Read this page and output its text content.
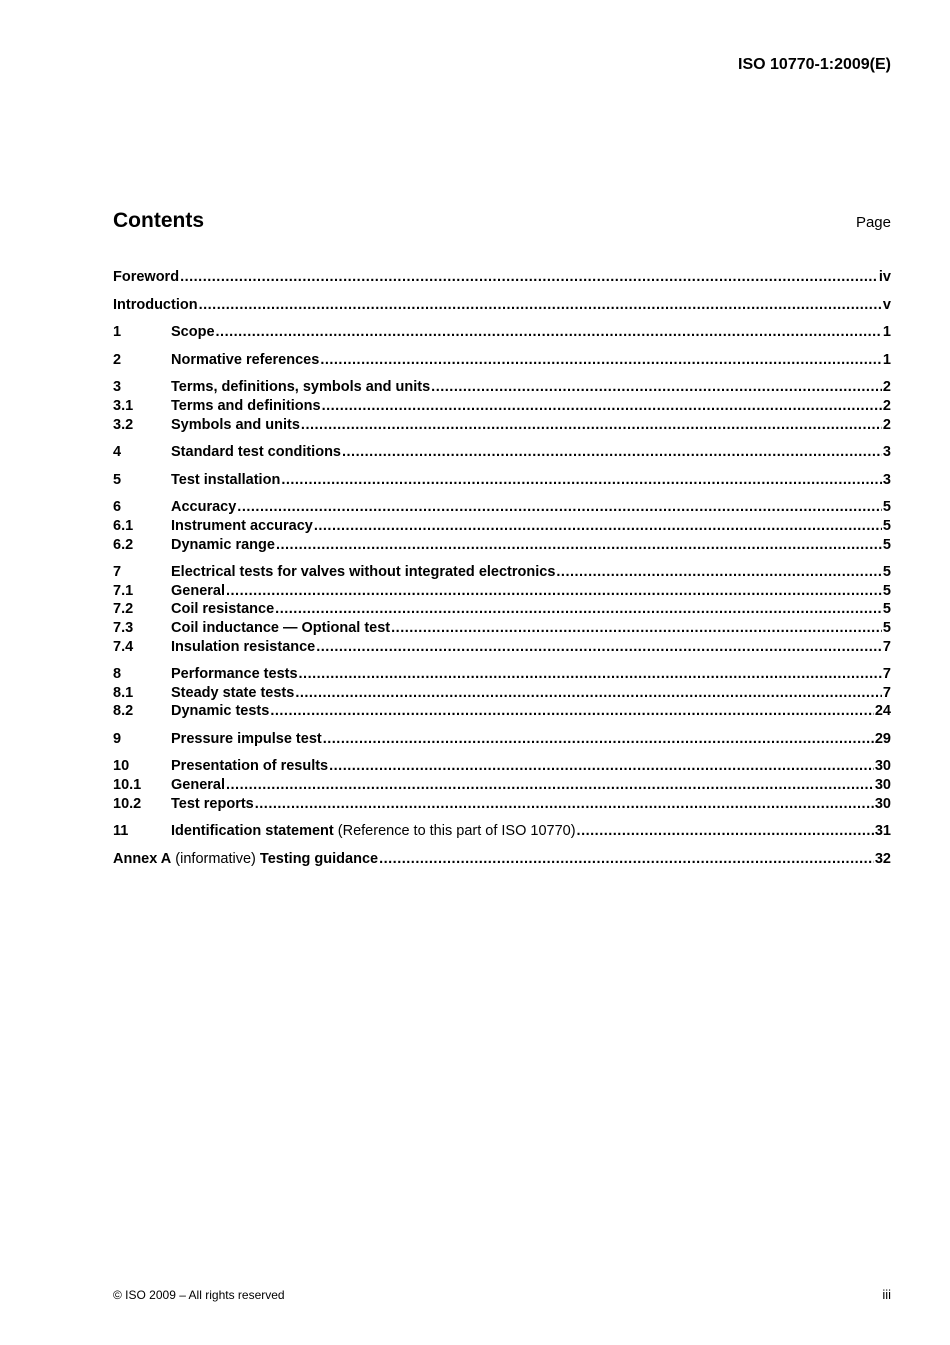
ISO 10770-1:2009(E)

Contents	Page
Foreword .....	iv
Introduction .....	v
1	Scope .....	1
2	Normative references .....	1
3	Terms, definitions, symbols and units .....	2
3.1	Terms and definitions .....	2
3.2	Symbols and units .....	2
4	Standard test conditions .....	3
5	Test installation .....	3
6	Accuracy .....	5
6.1	Instrument accuracy .....	5
6.2	Dynamic range .....	5
7	Electrical tests for valves without integrated electronics .....	5
7.1	General .....	5
7.2	Coil resistance .....	5
7.3	Coil inductance — Optional test .....	5
7.4	Insulation resistance .....	7
8	Performance tests .....	7
8.1	Steady state tests .....	7
8.2	Dynamic tests .....	24
9	Pressure impulse test .....	29
10	Presentation of results .....	30
10.1	General .....	30
10.2	Test reports .....	30
11	Identification statement (Reference to this part of ISO 10770) .....	31
Annex A (informative) Testing guidance .....	32
© ISO 2009 – All rights reserved	iii
